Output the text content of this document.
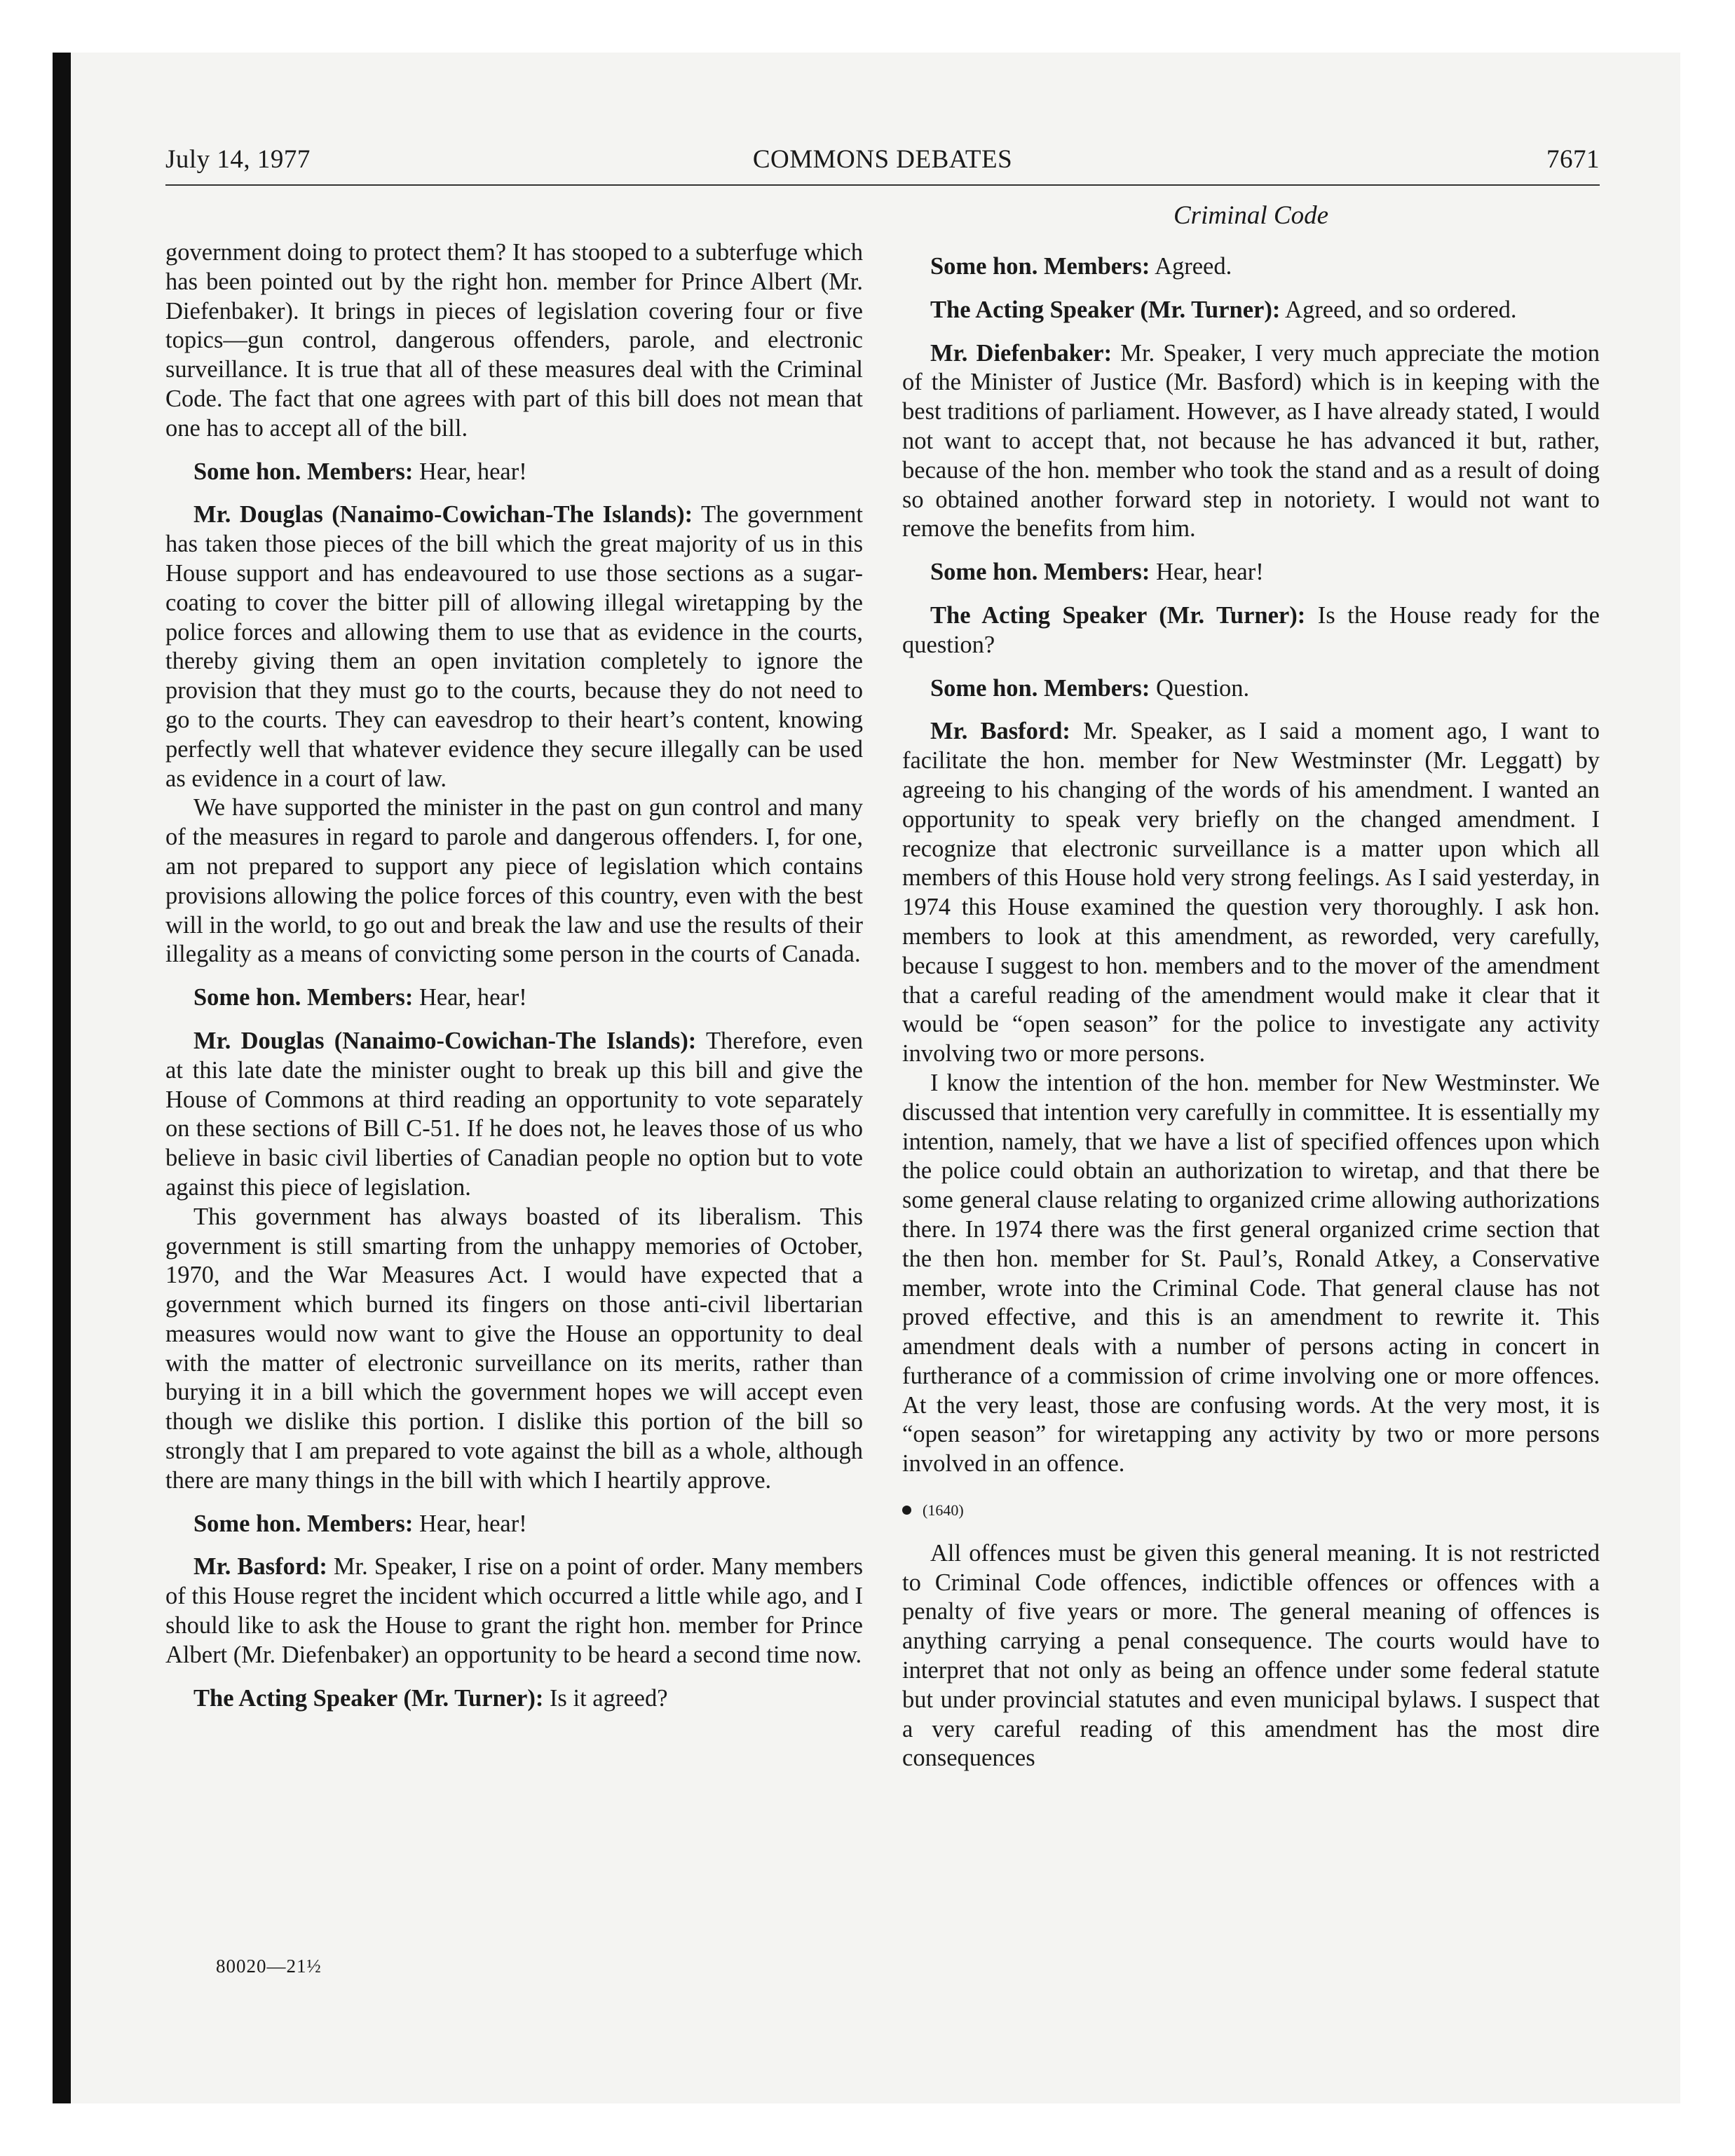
July 14, 1977	COMMONS DEBATES	7671
Criminal Code

government doing to protect them? It has stooped to a subterfuge which has been pointed out by the right hon. member for Prince Albert (Mr. Diefenbaker). It brings in pieces of legislation covering four or five topics—gun control, dangerous offenders, parole, and electronic surveillance. It is true that all of these measures deal with the Criminal Code. The fact that one agrees with part of this bill does not mean that one has to accept all of the bill.

Some hon. Members: Hear, hear!

Mr. Douglas (Nanaimo-Cowichan-The Islands): The government has taken those pieces of the bill which the great majority of us in this House support and has endeavoured to use those sections as a sugar-coating to cover the bitter pill of allowing illegal wiretapping by the police forces and allowing them to use that as evidence in the courts, thereby giving them an open invitation completely to ignore the provision that they must go to the courts, because they do not need to go to the courts. They can eavesdrop to their heart’s content, knowing perfectly well that whatever evidence they secure illegally can be used as evidence in a court of law.

We have supported the minister in the past on gun control and many of the measures in regard to parole and dangerous offenders. I, for one, am not prepared to support any piece of legislation which contains provisions allowing the police forces of this country, even with the best will in the world, to go out and break the law and use the results of their illegality as a means of convicting some person in the courts of Canada.

Some hon. Members: Hear, hear!

Mr. Douglas (Nanaimo-Cowichan-The Islands): Therefore, even at this late date the minister ought to break up this bill and give the House of Commons at third reading an opportunity to vote separately on these sections of Bill C-51. If he does not, he leaves those of us who believe in basic civil liberties of Canadian people no option but to vote against this piece of legislation.

This government has always boasted of its liberalism. This government is still smarting from the unhappy memories of October, 1970, and the War Measures Act. I would have expected that a government which burned its fingers on those anti-civil libertarian measures would now want to give the House an opportunity to deal with the matter of electronic surveillance on its merits, rather than burying it in a bill which the government hopes we will accept even though we dislike this portion. I dislike this portion of the bill so strongly that I am prepared to vote against the bill as a whole, although there are many things in the bill with which I heartily approve.

Some hon. Members: Hear, hear!

Mr. Basford: Mr. Speaker, I rise on a point of order. Many members of this House regret the incident which occurred a little while ago, and I should like to ask the House to grant the right hon. member for Prince Albert (Mr. Diefenbaker) an opportunity to be heard a second time now.

The Acting Speaker (Mr. Turner): Is it agreed?

Some hon. Members: Agreed.

The Acting Speaker (Mr. Turner): Agreed, and so ordered.

Mr. Diefenbaker: Mr. Speaker, I very much appreciate the motion of the Minister of Justice (Mr. Basford) which is in keeping with the best traditions of parliament. However, as I have already stated, I would not want to accept that, not because he has advanced it but, rather, because of the hon. member who took the stand and as a result of doing so obtained another forward step in notoriety. I would not want to remove the benefits from him.

Some hon. Members: Hear, hear!

The Acting Speaker (Mr. Turner): Is the House ready for the question?

Some hon. Members: Question.

Mr. Basford: Mr. Speaker, as I said a moment ago, I want to facilitate the hon. member for New Westminster (Mr. Leggatt) by agreeing to his changing of the words of his amendment. I wanted an opportunity to speak very briefly on the changed amendment. I recognize that electronic surveillance is a matter upon which all members of this House hold very strong feelings. As I said yesterday, in 1974 this House examined the question very thoroughly. I ask hon. members to look at this amendment, as reworded, very carefully, because I suggest to hon. members and to the mover of the amendment that a careful reading of the amendment would make it clear that it would be “open season” for the police to investigate any activity involving two or more persons.

I know the intention of the hon. member for New Westminster. We discussed that intention very carefully in committee. It is essentially my intention, namely, that we have a list of specified offences upon which the police could obtain an authorization to wiretap, and that there be some general clause relating to organized crime allowing authorizations there. In 1974 there was the first general organized crime section that the then hon. member for St. Paul’s, Ronald Atkey, a Conservative member, wrote into the Criminal Code. That general clause has not proved effective, and this is an amendment to rewrite it. This amendment deals with a number of persons acting in concert in furtherance of a commission of crime involving one or more offences. At the very least, those are confusing words. At the very most, it is “open season” for wiretapping any activity by two or more persons involved in an offence.

(1640)

All offences must be given this general meaning. It is not restricted to Criminal Code offences, indictible offences or offences with a penalty of five years or more. The general meaning of offences is anything carrying a penal consequence. The courts would have to interpret that not only as being an offence under some federal statute but under provincial statutes and even municipal bylaws. I suspect that a very careful reading of this amendment has the most dire consequences

80020—21½
